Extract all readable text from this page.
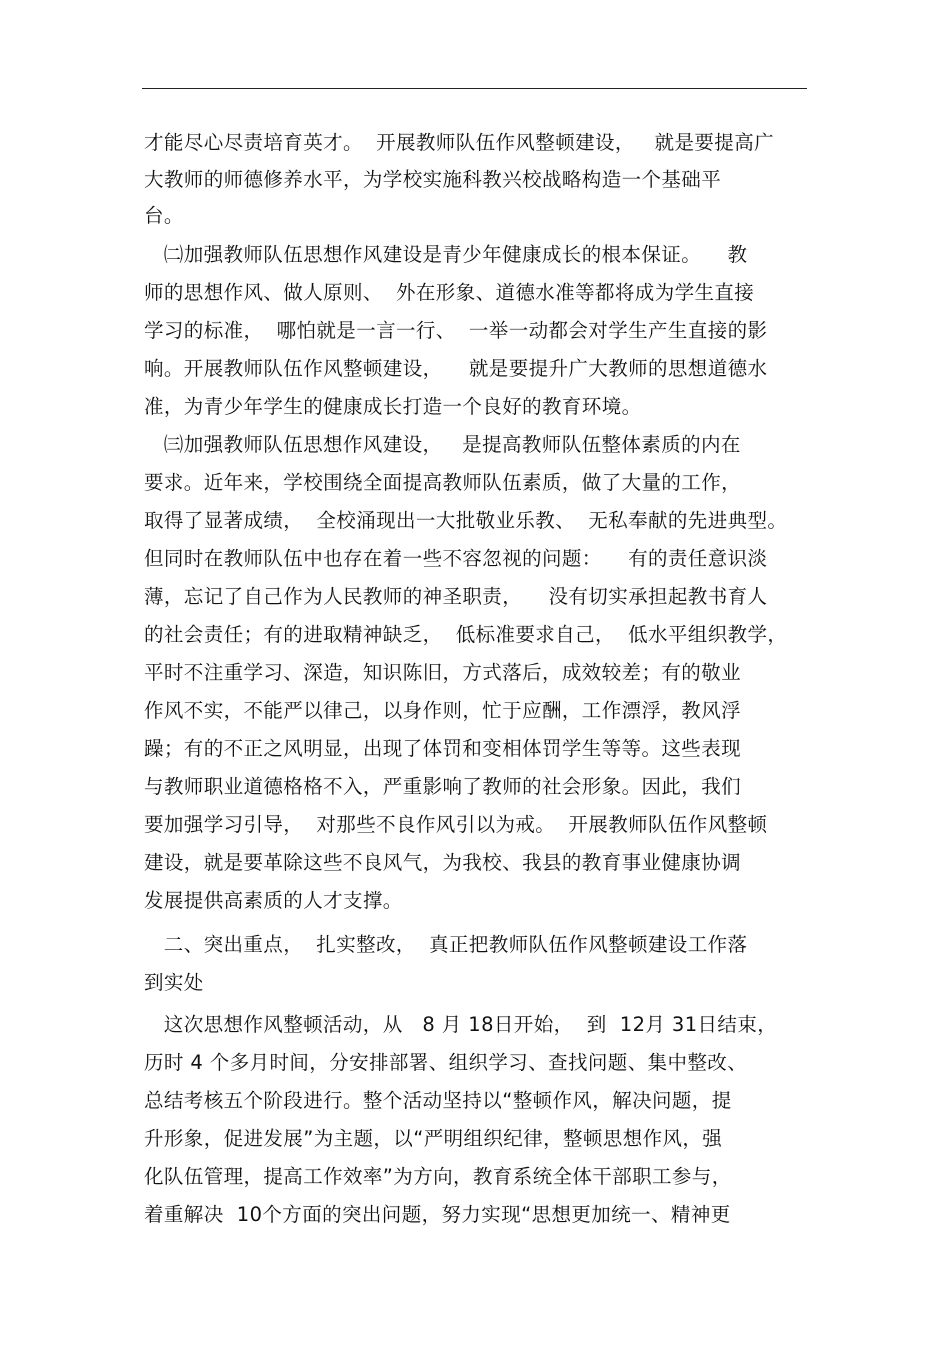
才能尽心尽责培育英才。  开展教师队伍作风整顿建设，   就是要提高广
大教师的师德修养水平，为学校实施科教兴校战略构造一个基础平
台。
㈡加强教师队伍思想作风建设是青少年健康成长的根本保证。    教
师的思想作风、做人原则、  外在形象、道德水准等都将成为学生直接
学习的标准，  哪怕就是一言一行、  一举一动都会对学生产生直接的影
响。开展教师队伍作风整顿建设，    就是要提升广大教师的思想道德水
准，为青少年学生的健康成长打造一个良好的教育环境。
㈢加强教师队伍思想作风建设，   是提高教师队伍整体素质的内在
要求。近年来，学校围绕全面提高教师队伍素质，做了大量的工作，
取得了显著成绩，  全校涌现出一大批敬业乐教、  无私奉献的先进典型。
但同时在教师队伍中也存在着一些不容忽视的问题：    有的责任意识淡
薄，忘记了自己作为人民教师的神圣职责，    没有切实承担起教书育人
的社会责任；有的进取精神缺乏，  低标准要求自己，  低水平组织教学，
平时不注重学习、深造，知识陈旧，方式落后，成效较差；有的敬业
作风不实，不能严以律己，以身作则，忙于应酬，工作漂浮，教风浮
躁；有的不正之风明显，出现了体罚和变相体罚学生等等。这些表现
与教师职业道德格格不入，严重影响了教师的社会形象。因此，我们
要加强学习引导，  对那些不良作风引以为戒。  开展教师队伍作风整顿
建设，就是要革除这些不良风气，为我校、我县的教育事业健康协调
发展提供高素质的人才支撑。
二、突出重点，  扎实整改，  真正把教师队伍作风整顿建设工作落
到实处
这次思想作风整顿活动，从   8 月 18日开始，  到  12月 31日结束，
历时 4 个多月时间，分安排部署、组织学习、查找问题、集中整改、
总结考核五个阶段进行。整个活动坚持以“整顿作风，解决问题，提
升形象，促进发展”为主题，以“严明组织纪律，整顿思想作风，强
化队伍管理，提高工作效率”为方向，教育系统全体干部职工参与，
着重解决  10个方面的突出问题，努力实现“思想更加统一、精神更
